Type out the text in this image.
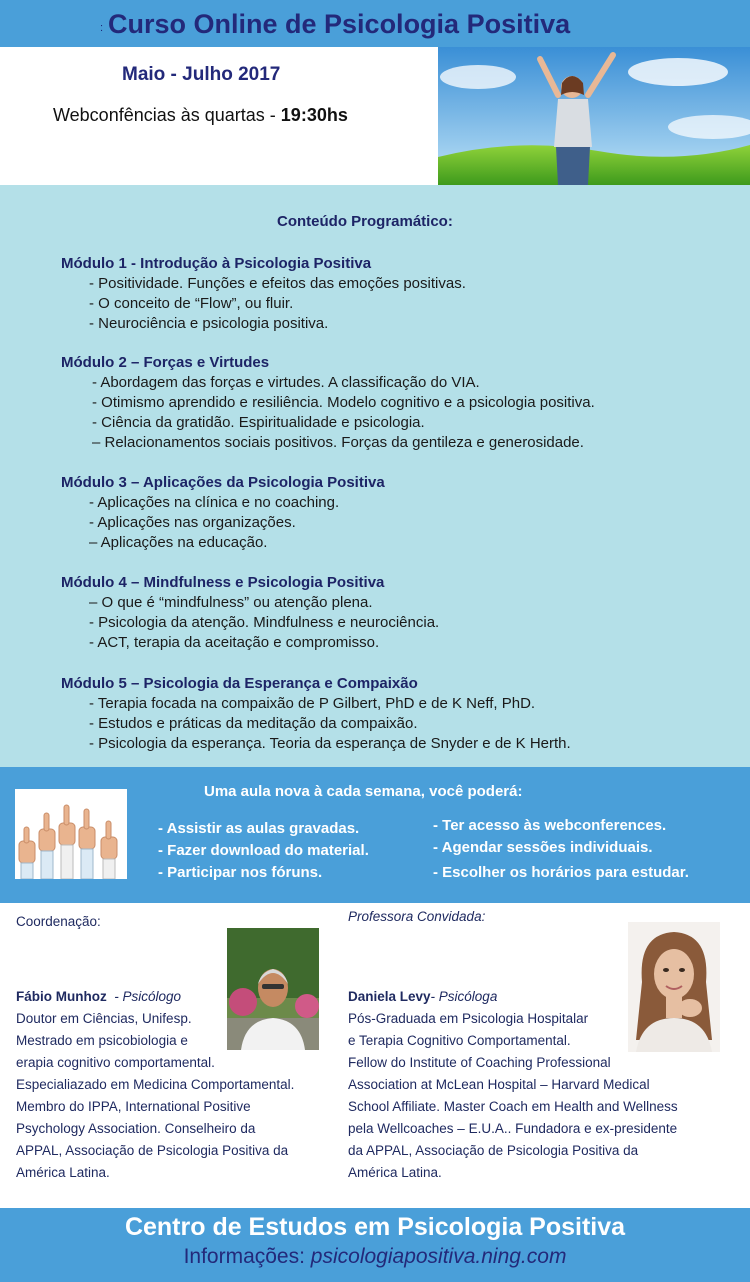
: Curso Online de Psicologia Positiva
Maio - Julho 2017
Webconfências às quartas - 19:30hs
Conteúdo Programático:
Módulo 1 - Introdução à Psicologia Positiva
- Positividade. Funções e efeitos das emoções positivas.
- O conceito de “Flow”, ou fluir.
- Neurociência e psicologia positiva.
Módulo 2 – Forças e Virtudes
- Abordagem das forças e virtudes. A classificação do VIA.
- Otimismo aprendido e resiliência. Modelo cognitivo e a psicologia positiva.
- Ciência da gratidão. Espiritualidade e psicologia.
– Relacionamentos sociais positivos. Forças da gentileza e generosidade.
Módulo 3 – Aplicações da Psicologia Positiva
- Aplicações na clínica e no coaching.
- Aplicações nas organizações.
– Aplicações na educação.
Módulo 4 – Mindfulness e Psicologia Positiva
– O que é “mindfulness” ou atenção plena.
- Psicologia da atenção. Mindfulness e neurociência.
- ACT, terapia da aceitação e compromisso.
Módulo 5 – Psicologia da Esperança e Compaixão
- Terapia focada na compaixão de P Gilbert, PhD e de K Neff, PhD.
- Estudos e práticas da meditação da compaixão.
- Psicologia da esperança. Teoria da esperança de Snyder e de K Herth.
Uma aula nova à cada semana, você poderá:
- Assistir as aulas gravadas.
- Fazer download do material.
- Participar nos fóruns.
- Ter acesso às webconferences.
- Agendar sessões individuais.
- Escolher os horários para estudar.
Coordenação:
Fábio Munhoz  - Psicólogo
Doutor em Ciências, Unifesp.
Mestrado em psicobiologia e
erapia cognitivo comportamental.
Especialiazado em Medicina Comportamental.
Membro do IPPA, International Positive
Psychology Association. Conselheiro da
APPAL, Associação de Psicologia Positiva da
América Latina.
Professora Convidada:
Daniela Levy- Psicóloga
Pós-Graduada em Psicologia Hospitalar
e Terapia Cognitivo Comportamental.
Fellow do Institute of Coaching Professional
Association at McLean Hospital – Harvard Medical
School Affiliate. Master Coach em Health and Wellness
pela Wellcoaches – E.U.A.. Fundadora e ex-presidente
da APPAL, Associação de Psicologia Positiva da
América Latina.
Centro de Estudos em Psicologia Positiva
Informações: psicologiapositiva.ning.com
